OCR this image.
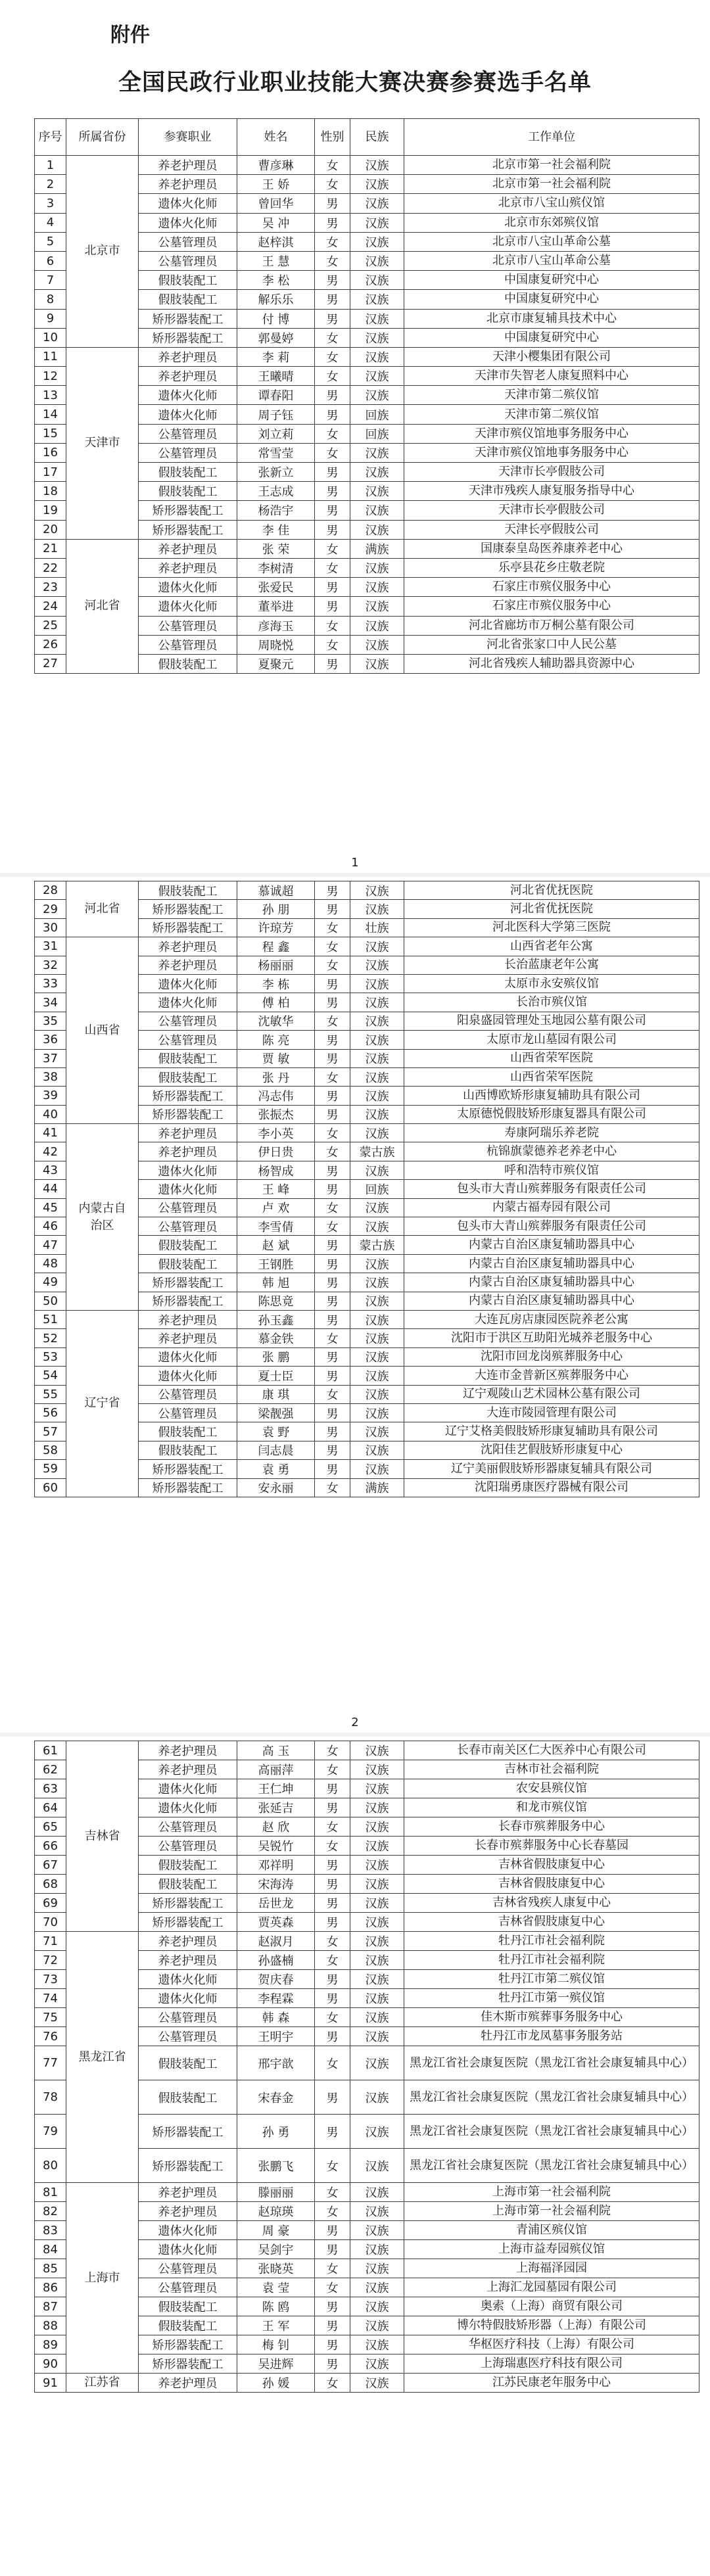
附件
全国民政行业职业技能大赛决赛参赛选手名单
序号	所属省份	参赛职业	姓名	性别	民族	工作单位
1	北京市	养老护理员	曹彦琳	女	汉族	北京市第一社会福利院
2		养老护理员	王 娇	女	汉族	北京市第一社会福利院
3		遗体火化师	曾回华	男	汉族	北京市八宝山殡仪馆
4		遗体火化师	吴 冲	男	汉族	北京市东郊殡仪馆
5		公墓管理员	赵梓淇	女	汉族	北京市八宝山革命公墓
6		公墓管理员	王 慧	女	汉族	北京市八宝山革命公墓
7		假肢装配工	李 松	男	汉族	中国康复研究中心
8		假肢装配工	解乐乐	男	汉族	中国康复研究中心
9		矫形器装配工	付 博	男	汉族	北京市康复辅具技术中心
10		矫形器装配工	郭曼婷	女	汉族	中国康复研究中心
11	天津市	养老护理员	李 莉	女	汉族	天津小樱集团有限公司
12		养老护理员	王曦晴	女	汉族	天津市失智老人康复照料中心
13		遗体火化师	谭春阳	男	汉族	天津市第二殡仪馆
14		遗体火化师	周子钰	男	回族	天津市第二殡仪馆
15		公墓管理员	刘立莉	女	回族	天津市殡仪馆地事务服务中心
16		公墓管理员	常雪莹	女	汉族	天津市殡仪馆地事务服务中心
17		假肢装配工	张新立	男	汉族	天津市长亭假肢公司
18		假肢装配工	王志成	男	汉族	天津市残疾人康复服务指导中心
19		矫形器装配工	杨浩宇	男	汉族	天津市长亭假肢公司
20		矫形器装配工	李 佳	男	汉族	天津长亭假肢公司
21	河北省	养老护理员	张 荣	女	满族	国康泰皇岛医养康养老中心
22		养老护理员	李树清	女	汉族	乐亭县花乡庄敬老院
23		遗体火化师	张爱民	男	汉族	石家庄市殡仪服务中心
24		遗体火化师	董举进	男	汉族	石家庄市殡仪服务中心
25		公墓管理员	彦海玉	女	汉族	河北省廊坊市万桐公墓有限公司
26		公墓管理员	周晓悦	女	汉族	河北省张家口中人民公墓
27		假肢装配工	夏聚元	男	汉族	河北省残疾人辅助器具资源中心
1
28	河北省	假肢装配工	慕诚超	男	汉族	河北省优抚医院
29		矫形器装配工	孙 朋	男	汉族	河北省优抚医院
30		矫形器装配工	许琼芳	女	壮族	河北医科大学第三医院
31	山西省	养老护理员	程 鑫	女	汉族	山西省老年公寓
32		养老护理员	杨丽丽	女	汉族	长治蓝康老年公寓
33		遗体火化师	李 栋	男	汉族	太原市永安殡仪馆
34		遗体火化师	傅 柏	男	汉族	长治市殡仪馆
35		公墓管理员	沈敏华	女	汉族	阳泉盛园管理处玉地园公墓有限公司
36		公墓管理员	陈 亮	男	汉族	太原市龙山墓园有限公司
37		假肢装配工	贾 敏	男	汉族	山西省荣军医院
38		假肢装配工	张 丹	女	汉族	山西省荣军医院
39		矫形器装配工	冯志伟	男	汉族	山西博欧矫形康复辅助具有限公司
40		矫形器装配工	张振杰	男	汉族	太原德悦假肢矫形康复器具有限公司
41	内蒙古自治区	养老护理员	李小英	女	汉族	寿康阿瑞乐养老院
42		养老护理员	伊日贵	女	蒙古族	杭锦旗蒙德养老养老中心
43		遗体火化师	杨智成	男	汉族	呼和浩特市殡仪馆
44		遗体火化师	王 峰	男	回族	包头市大青山殡葬服务有限责任公司
45		公墓管理员	卢 欢	女	汉族	内蒙古福寿园有限公司
46		公墓管理员	李雪倩	女	汉族	包头市大青山殡葬服务有限责任公司
47		假肢装配工	赵 斌	男	蒙古族	内蒙古自治区康复辅助器具中心
48		假肢装配工	王钢胜	男	汉族	内蒙古自治区康复辅助器具中心
49		矫形器装配工	韩 旭	男	汉族	内蒙古自治区康复辅助器具中心
50		矫形器装配工	陈思竟	男	汉族	内蒙古自治区康复辅助器具中心
51	辽宁省	养老护理员	孙玉鑫	男	汉族	大连瓦房店康园医院养老公寓
52		养老护理员	慕金铁	女	汉族	沈阳市于洪区互助阳光城养老服务中心
53		遗体火化师	张 鹏	男	汉族	沈阳市回龙岗殡葬服务中心
54		遗体火化师	夏士臣	男	汉族	大连市金普新区殡葬服务中心
55		公墓管理员	康 琪	女	汉族	辽宁观陵山艺术园林公墓有限公司
56		公墓管理员	梁靓强	男	汉族	大连市陵园管理有限公司
57		假肢装配工	袁 野	男	汉族	辽宁艾格美假肢矫形康复辅助具有限公司
58		假肢装配工	闫志晨	男	汉族	沈阳佳艺假肢矫形康复中心
59		矫形器装配工	袁 勇	男	汉族	辽宁美丽假肢矫形器康复辅具有限公司
60		矫形器装配工	安永丽	女	满族	沈阳瑞勇康医疗器械有限公司
2
61	吉林省	养老护理员	高 玉	女	汉族	长春市南关区仁大医养中心有限公司
62		养老护理员	高丽萍	女	汉族	吉林市社会福利院
63		遗体火化师	王仁坤	男	汉族	农安县殡仪馆
64		遗体火化师	张延吉	男	汉族	和龙市殡仪馆
65		公墓管理员	赵 欣	女	汉族	长春市殡葬服务中心
66		公墓管理员	吴锐竹	女	汉族	长春市殡葬服务中心长春墓园
67		假肢装配工	邓祥明	男	汉族	吉林省假肢康复中心
68		假肢装配工	宋海涛	男	汉族	吉林省假肢康复中心
69		矫形器装配工	岳世龙	男	汉族	吉林省残疾人康复中心
70		矫形器装配工	贾英森	男	汉族	吉林省假肢康复中心
71	黑龙江省	养老护理员	赵淑月	女	汉族	牡丹江市社会福利院
72		养老护理员	孙盛楠	女	汉族	牡丹江市社会福利院
73		遗体火化师	贺庆春	男	汉族	牡丹江市第二殡仪馆
74		遗体火化师	李程霖	男	汉族	牡丹江市第一殡仪馆
75		公墓管理员	韩 森	女	汉族	佳木斯市殡葬事务服务中心
76		公墓管理员	王明宇	男	汉族	牡丹江市龙凤墓事务服务站
77		假肢装配工	邢宇歆	女	汉族	黑龙江省社会康复医院（黑龙江省社会康复辅具中心）
78		假肢装配工	宋春金	男	汉族	黑龙江省社会康复医院（黑龙江省社会康复辅具中心）
79		矫形器装配工	孙 勇	男	汉族	黑龙江省社会康复医院（黑龙江省社会康复辅具中心）
80		矫形器装配工	张鹏飞	女	汉族	黑龙江省社会康复医院（黑龙江省社会康复辅具中心）
81	上海市	养老护理员	滕丽丽	女	汉族	上海市第一社会福利院
82		养老护理员	赵琼瑛	女	汉族	上海市第一社会福利院
83		遗体火化师	周 豪	男	汉族	青浦区殡仪馆
84		遗体火化师	吴剑宇	男	汉族	上海市益寿园殡仪馆
85		公墓管理员	张晓英	女	汉族	上海福泽园园
86		公墓管理员	袁 莹	女	汉族	上海汇龙园墓园有限公司
87		假肢装配工	陈 鸥	男	汉族	奥索（上海）商贸有限公司
88		假肢装配工	王 军	男	汉族	博尔特假肢矫形器（上海）有限公司
89		矫形器装配工	梅 钊	男	汉族	华枢医疗科技（上海）有限公司
90		矫形器装配工	吴进辉	男	汉族	上海瑞惠医疗科技有限公司
91	江苏省	养老护理员	孙 媛	女	汉族	江苏民康老年服务中心
